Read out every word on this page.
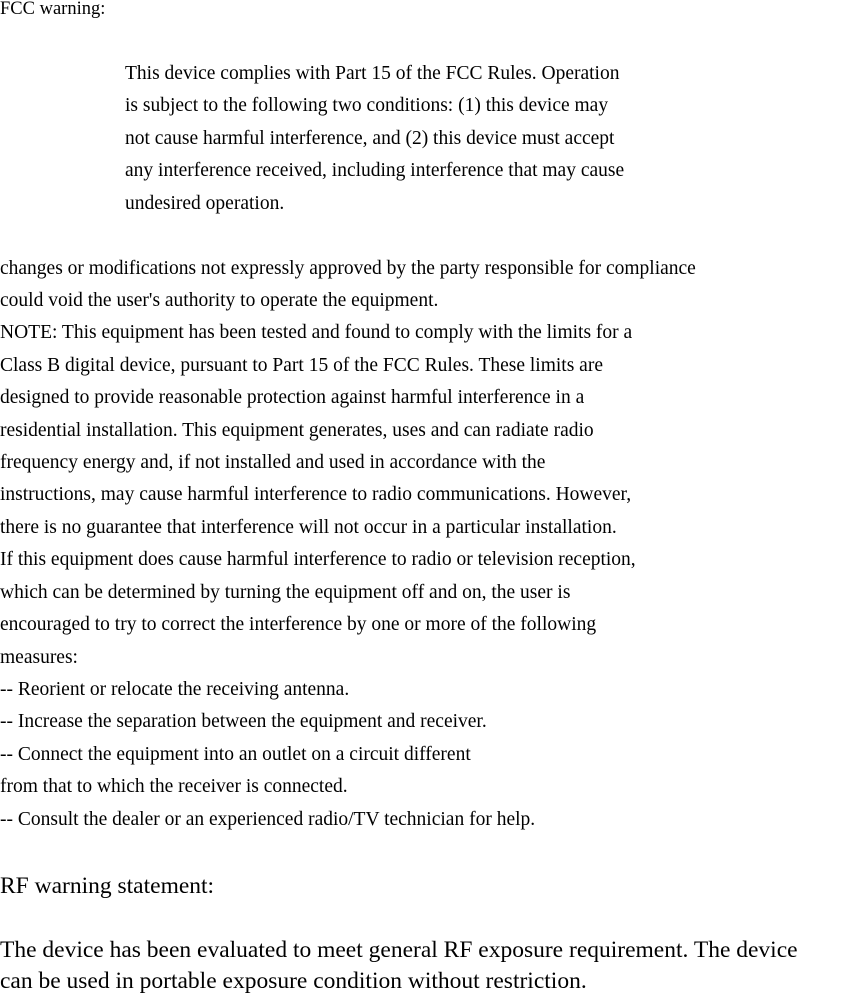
FCC warning:
This device complies with Part 15 of the FCC Rules. Operation
is subject to the following two conditions: (1) this device may
not cause harmful interference, and (2) this device must accept
any interference received, including interference that may cause
undesired operation.
changes or modifications not expressly approved by the party responsible for compliance
could void the user's authority to operate the equipment.
NOTE: This equipment has been tested and found to comply with the limits for a
Class B digital device, pursuant to Part 15 of the FCC Rules. These limits are
designed to provide reasonable protection against harmful interference in a
residential installation. This equipment generates, uses and can radiate radio
frequency energy and, if not installed and used in accordance with the
instructions, may cause harmful interference to radio communications. However,
there is no guarantee that interference will not occur in a particular installation.
If this equipment does cause harmful interference to radio or television reception,
which can be determined by turning the equipment off and on, the user is
encouraged to try to correct the interference by one or more of the following
measures:
-- Reorient or relocate the receiving antenna.
-- Increase the separation between the equipment and receiver.
-- Connect the equipment into an outlet on a circuit different
from that to which the receiver is connected.
-- Consult the dealer or an experienced radio/TV technician for help.
RF warning statement:
The device has been evaluated to meet general RF exposure requirement. The device
can be used in portable exposure condition without restriction.
